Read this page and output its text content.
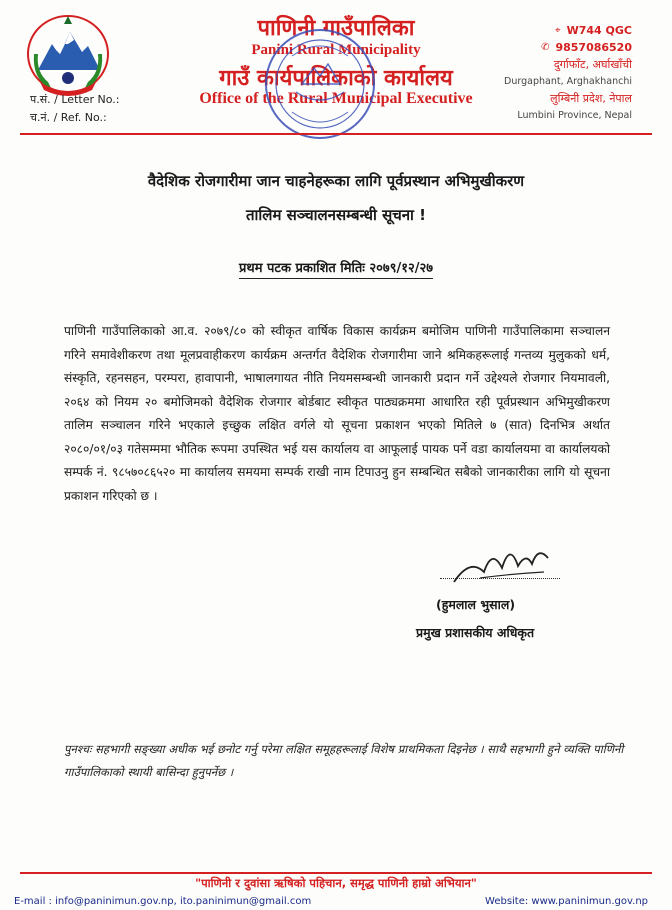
पाणिनी गाउँपालिका
Panini Rural Municipality
गाउँ कार्यपालिकाको कार्यालय
Office of the Rural Municipal Executive
प.सं. / Letter No.:
च.नं. / Ref. No.:
⌖ W744 QGC
✆ 9857086520
दुर्गाफाँट, अर्घाखाँची
Durgaphant, Arghakhanchi
लुम्बिनी प्रदेश, नेपाल
Lumbini Province, Nepal
वैदेशिक रोजगारीमा जान चाहनेहरूका लागि पूर्वप्रस्थान अभिमुखीकरण
तालिम सञ्चालनसम्बन्धी सूचना !
प्रथम पटक प्रकाशित मितिः २०७९/१२/२७
पाणिनी गाउँपालिकाको आ.व. २०७९/८० को स्वीकृत वार्षिक विकास कार्यक्रम बमोजिम पाणिनी गाउँपालिकामा सञ्चालन गरिने समावेशीकरण तथा मूलप्रवाहीकरण कार्यक्रम अन्तर्गत वैदेशिक रोजगारीमा जाने श्रमिकहरूलाई गन्तव्य मुलुकको धर्म, संस्कृति, रहनसहन, परम्परा, हावापानी, भाषालगायत नीति नियमसम्बन्धी जानकारी प्रदान गर्ने उद्देश्यले रोजगार नियमावली, २०६४ को नियम २० बमोजिमको वैदेशिक रोजगार बोर्डबाट स्वीकृत पाठ्यक्रममा आधारित रही पूर्वप्रस्थान अभिमुखीकरण तालिम सञ्चालन गरिने भएकाले इच्छुक लक्षित वर्गले यो सूचना प्रकाशन भएको मितिले ७ (सात) दिनभित्र अर्थात २०८०/०१/०३ गतेसम्ममा भौतिक रूपमा उपस्थित भई यस कार्यालय वा आफूलाई पायक पर्ने वडा कार्यालयमा वा कार्यालयको सम्पर्क नं. ९८५७०८६५२० मा कार्यालय समयमा सम्पर्क राखी नाम टिपाउनु हुन सम्बन्धित सबैको जानकारीका लागि यो सूचना प्रकाशन गरिएको छ ।
(हुमलाल भुसाल)
प्रमुख प्रशासकीय अधिकृत
पुनश्चः सहभागी सङ्ख्या अधीक भई छनोट गर्नु परेमा लक्षित समूहहरूलाई विशेष प्राथमिकता दिइनेछ । साथै सहभागी हुने व्यक्ति पाणिनी गाउँपालिकाको स्थायी बासिन्दा हुनुपर्नेछ ।
"पाणिनी र दुवांसा ऋषिको पहिचान, समृद्ध पाणिनी हाम्रो अभियान"
E-mail : info@paninimun.gov.np, ito.paninimun@gmail.com	Website: www.paninimun.gov.np
